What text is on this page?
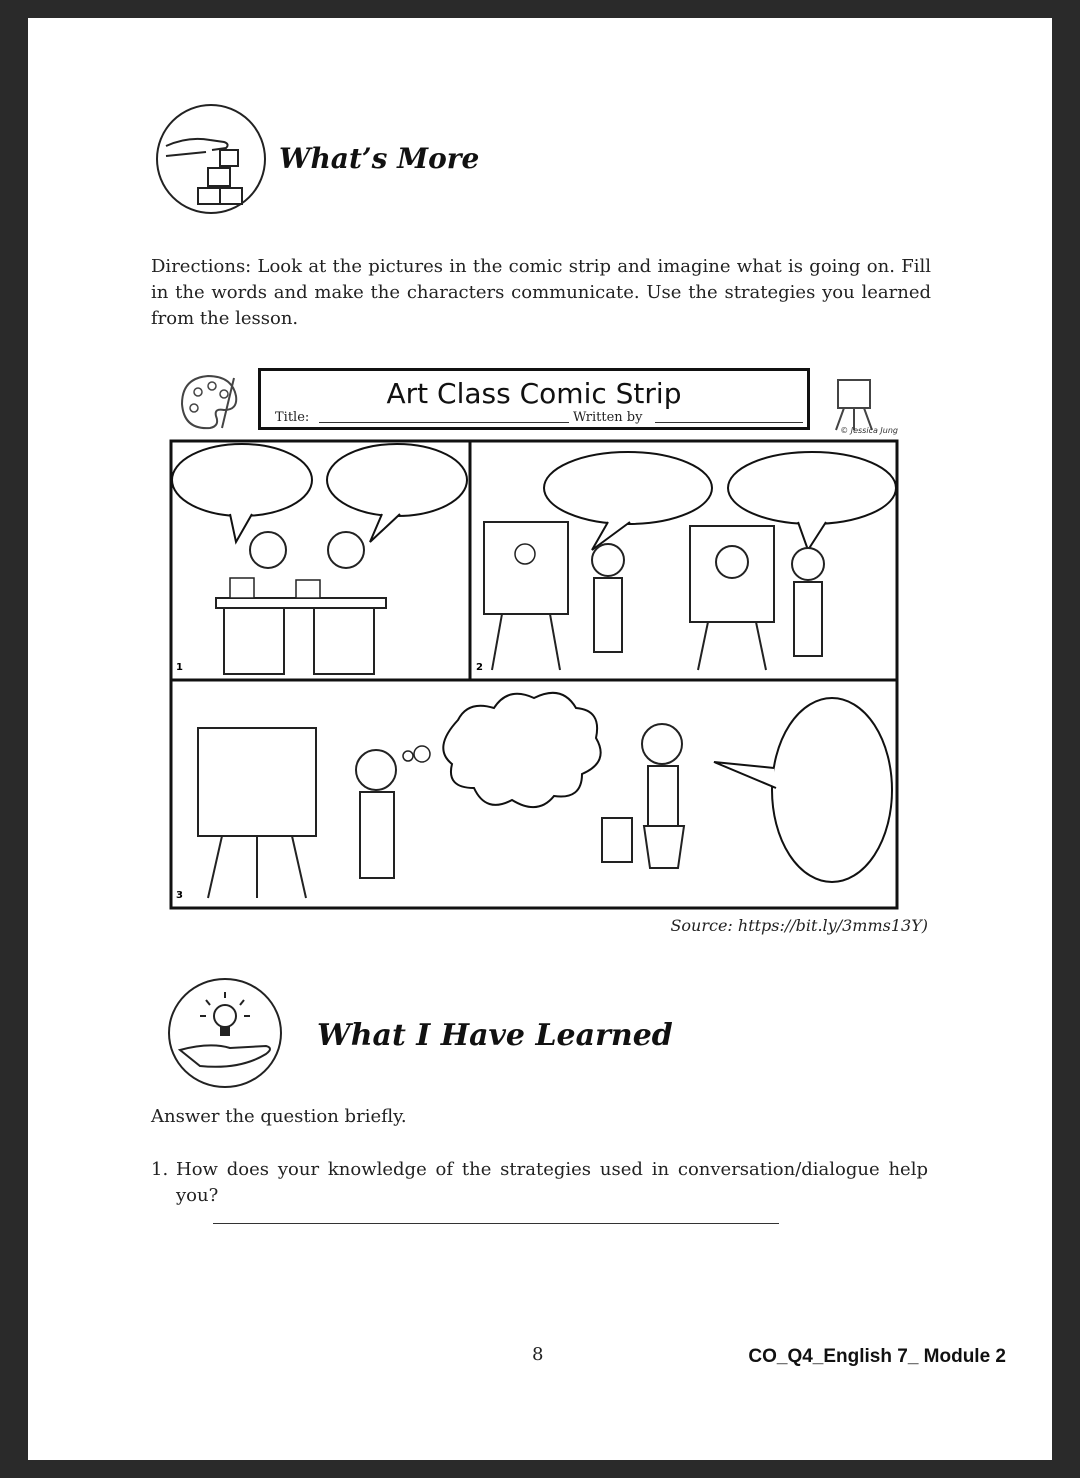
What’s More
Directions: Look at the pictures in the comic strip and imagine what is going on. Fill in the words and make the characters communicate. Use the strategies you learned from the lesson.
Art Class Comic Strip
Title:	Written by
© Jessica Jung
1	2
3
Source: https://bit.ly/3mms13Y)
What I Have Learned
Answer the question briefly.
1. How does your knowledge of the strategies used in conversation/dialogue help you?
8	CO_Q4_English 7_ Module 2
